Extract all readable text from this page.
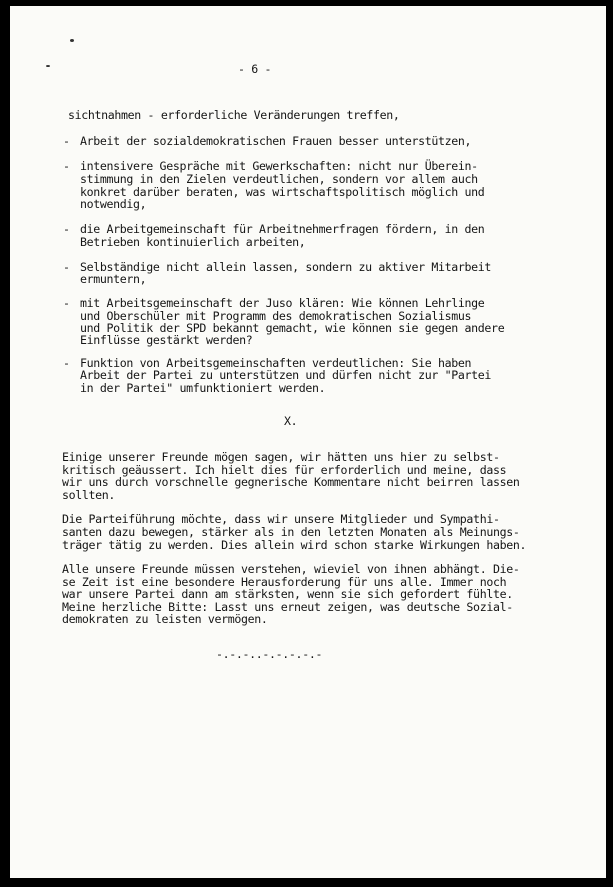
- 6 -
sichtnahmen - erforderliche Veränderungen treffen,
- Arbeit der sozialdemokratischen Frauen besser unterstützen,
- intensivere Gespräche mit Gewerkschaften: nicht nur Überein-
stimmung in den Zielen verdeutlichen, sondern vor allem auch
konkret darüber beraten, was wirtschaftspolitisch möglich und
notwendig,
- die Arbeitgemeinschaft für Arbeitnehmerfragen fördern, in den
Betrieben kontinuierlich arbeiten,
- Selbständige nicht allein lassen, sondern zu aktiver Mitarbeit
ermuntern,
- mit Arbeitsgemeinschaft der Juso klären: Wie können Lehrlinge
und Oberschüler mit Programm des demokratischen Sozialismus
und Politik der SPD bekannt gemacht, wie können sie gegen andere
Einflüsse gestärkt werden?
- Funktion von Arbeitsgemeinschaften verdeutlichen: Sie haben
Arbeit der Partei zu unterstützen und dürfen nicht zur "Partei
in der Partei" umfunktioniert werden.
X.
Einige unserer Freunde mögen sagen, wir hätten uns hier zu selbst-
kritisch geäussert. Ich hielt dies für erforderlich und meine, dass
wir uns durch vorschnelle gegnerische Kommentare nicht beirren lassen
sollten.
Die Parteiführung möchte, dass wir unsere Mitglieder und Sympathi-
santen dazu bewegen, stärker als in den letzten Monaten als Meinungs-
träger tätig zu werden. Dies allein wird schon starke Wirkungen haben.
Alle unsere Freunde müssen verstehen, wieviel von ihnen abhängt. Die-
se Zeit ist eine besondere Herausforderung für uns alle. Immer noch
war unsere Partei dann am stärksten, wenn sie sich gefordert fühlte.
Meine herzliche Bitte: Lasst uns erneut zeigen, was deutsche Sozial-
demokraten zu leisten vermögen.
-.-.-..-.-.-.-.-
